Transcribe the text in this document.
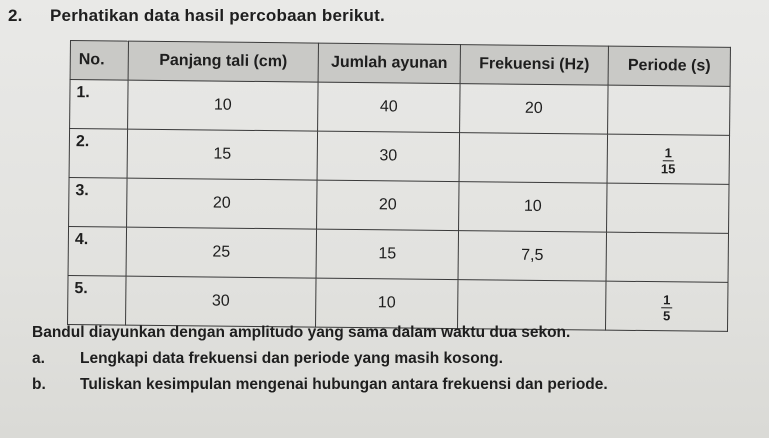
2. Perhatikan data hasil percobaan berikut.
No.	Panjang tali (cm)	Jumlah ayunan	Frekuensi (Hz)	Periode (s)
1.	10	40	20	
2.	15	30		$\frac{1}{15}$

3.	20	20	10	
4.	25	15	7,5	
5.	30	10		$\frac{1}{5}$
Bandul diayunkan dengan amplitudo yang sama dalam waktu dua sekon.
a. Lengkapi data frekuensi dan periode yang masih kosong.
b. Tuliskan kesimpulan mengenai hubungan antara frekuensi dan periode.
